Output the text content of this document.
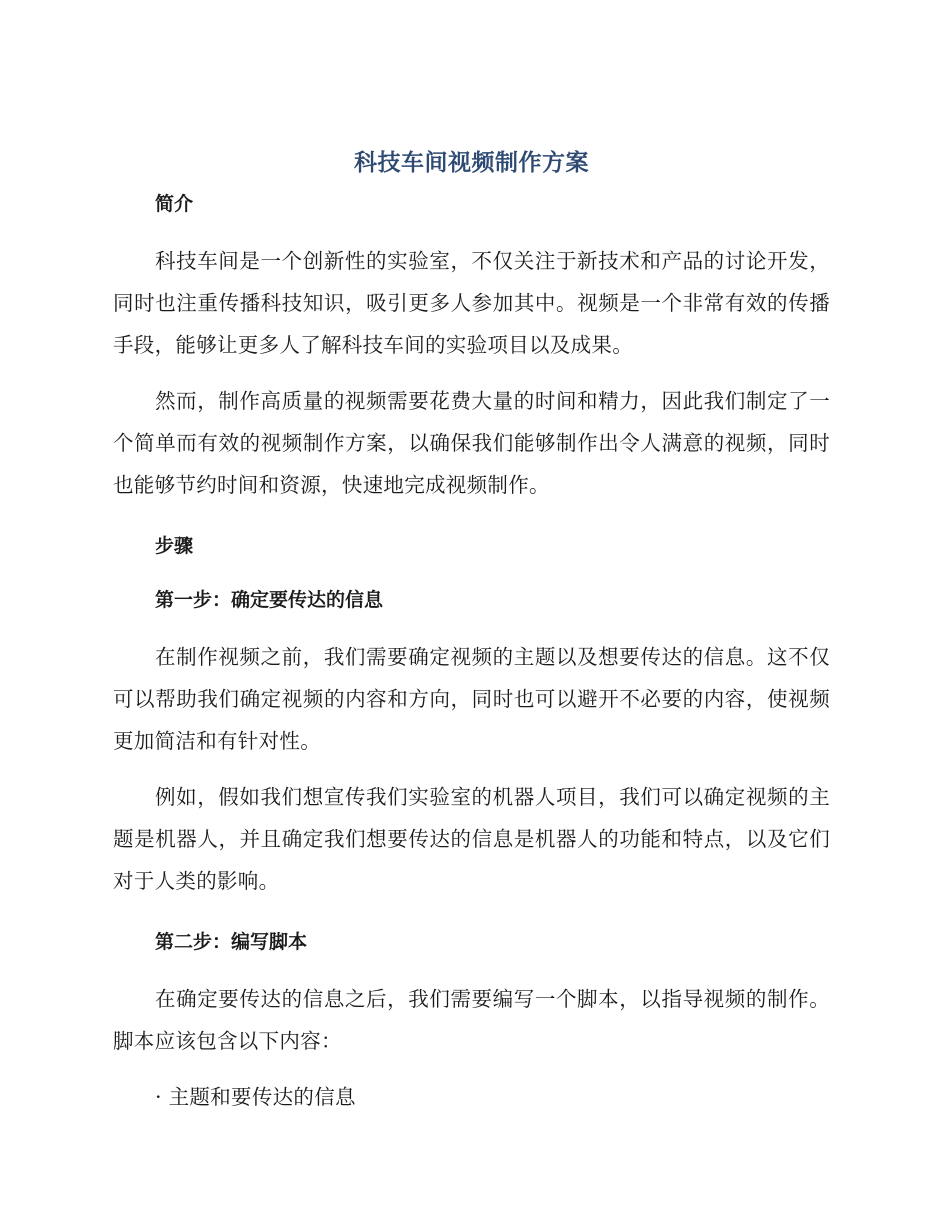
科技车间视频制作方案
简介

科技车间是一个创新性的实验室，不仅关注于新技术和产品的讨论开发，同时也注重传播科技知识，吸引更多人参加其中。视频是一个非常有效的传播手段，能够让更多人了解科技车间的实验项目以及成果。

然而，制作高质量的视频需要花费大量的时间和精力，因此我们制定了一个简单而有效的视频制作方案，以确保我们能够制作出令人满意的视频，同时也能够节约时间和资源，快速地完成视频制作。

步骤
第一步：确定要传达的信息

在制作视频之前，我们需要确定视频的主题以及想要传达的信息。这不仅可以帮助我们确定视频的内容和方向，同时也可以避开不必要的内容，使视频更加简洁和有针对性。

例如，假如我们想宣传我们实验室的机器人项目，我们可以确定视频的主题是机器人，并且确定我们想要传达的信息是机器人的功能和特点，以及它们对于人类的影响。

第二步：编写脚本

在确定要传达的信息之后，我们需要编写一个脚本，以指导视频的制作。脚本应该包含以下内容：

· 主题和要传达的信息
